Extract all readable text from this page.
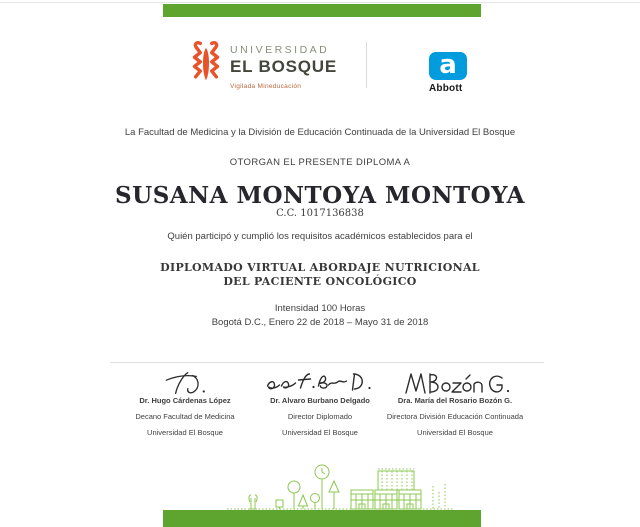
UNIVERSIDAD
EL BOSQUE
Vigilada Mineducación
a
Abbott
La Facultad de Medicina y la División de Educación Continuada de la Universidad El Bosque
OTORGAN EL PRESENTE DIPLOMA A
SUSANA MONTOYA MONTOYA
C.C. 1017136838
Quién participó y cumplió los requisitos académicos establecidos para el
DIPLOMADO VIRTUAL ABORDAJE NUTRICIONAL
DEL PACIENTE ONCOLÓGICO
Intensidad 100 Horas
Bogotá D.C., Enero 22 de 2018 – Mayo 31 de 2018
Dr. Hugo Cárdenas López
Decano Facultad de Medicina
Universidad El Bosque
Dr. Alvaro Burbano Delgado
Director Diplomado
Universidad El Bosque
Dra. María del Rosario Bozón G.
Directora División Educación Continuada
Universidad El Bosque
